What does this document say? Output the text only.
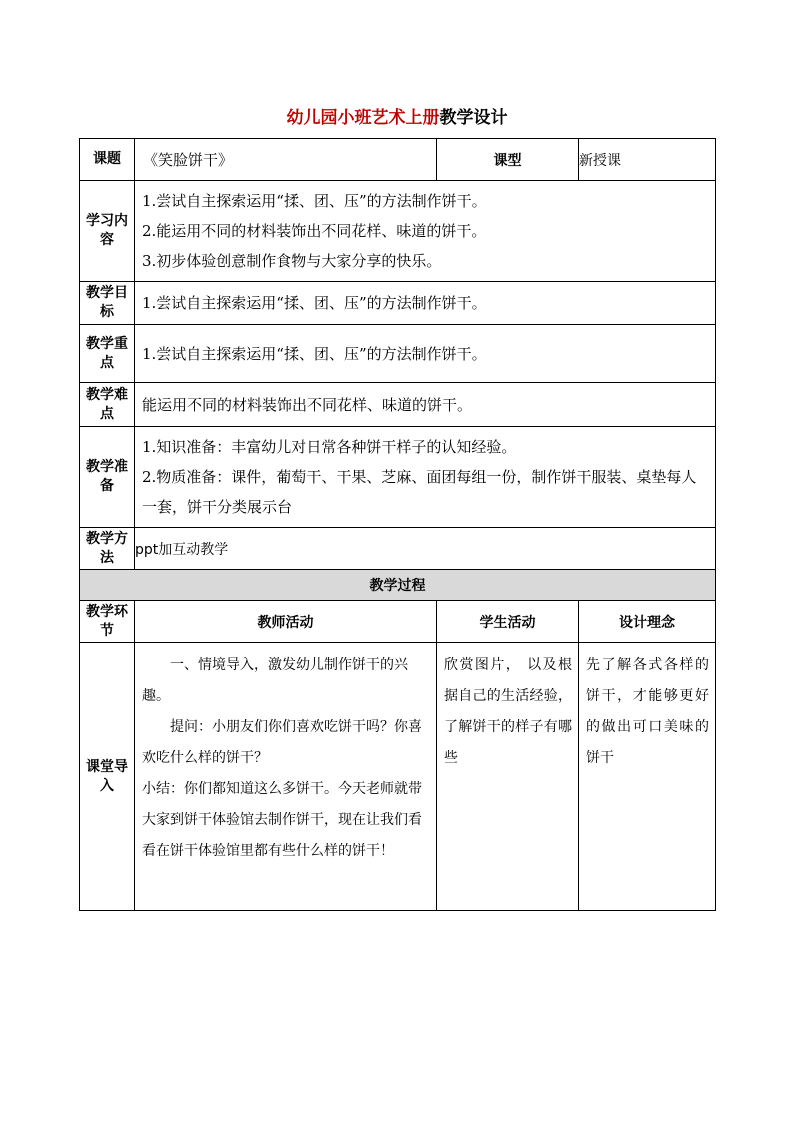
幼儿园小班艺术上册教学设计
课题	《笑脸饼干》	课型	新授课
学习内容	1.尝试自主探索运用“揉、团、压”的方法制作饼干。
2.能运用不同的材料装饰出不同花样、味道的饼干。
3.初步体验创意制作食物与大家分享的快乐。		

教学目标	1.尝试自主探索运用“揉、团、压”的方法制作饼干。		

教学重点	1.尝试自主探索运用“揉、团、压”的方法制作饼干。		

教学难点	能运用不同的材料装饰出不同花样、味道的饼干。		

教学准备	1.知识准备：丰富幼儿对日常各种饼干样子的认知经验。
2.物质准备：课件，葡萄干、干果、芝麻、面团每组一份，制作饼干服装、桌垫每人一套，饼干分类展示台		

教学方法	ppt加互动教学		
教学过程			
教学环节	教师活动	学生活动	设计理念
课堂导入	一、情境导入，激发幼儿制作饼干的兴趣。
提问：小朋友们你们喜欢吃饼干吗？你喜欢吃什么样的饼干？
小结：你们都知道这么多饼干。今天老师就带大家到饼干体验馆去制作饼干，现在让我们看看在饼干体验馆里都有些什么样的饼干！	欣赏图片， 以及根据自己的生活经验，了解饼干的样子有哪些	先了解各式各样的饼干，才能够更好的做出可口美味的饼干
